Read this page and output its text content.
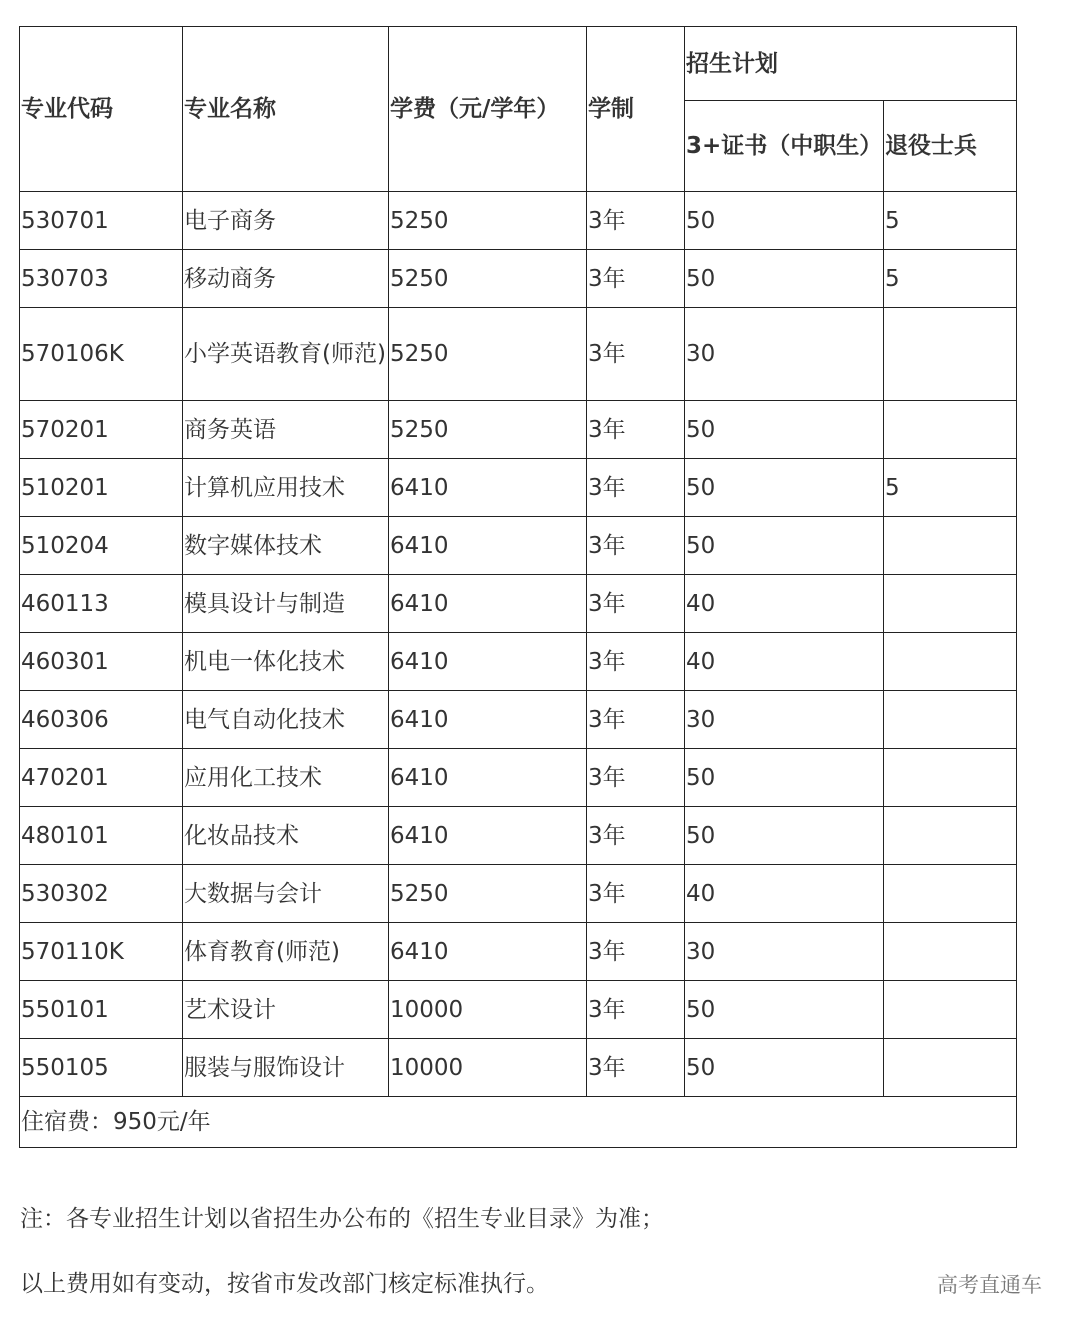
专业代码	专业名称	学费（元/学年）	学制	招生计划	
				3+证书（中职生）	退役士兵
530701	电子商务	5250	3年	50	5
530703	移动商务	5250	3年	50	5
570106K	小学英语教育(师范)	5250	3年	30	
570201	商务英语	5250	3年	50	
510201	计算机应用技术	6410	3年	50	5
510204	数字媒体技术	6410	3年	50	
460113	模具设计与制造	6410	3年	40	
460301	机电一体化技术	6410	3年	40	
460306	电气自动化技术	6410	3年	30	
470201	应用化工技术	6410	3年	50	
480101	化妆品技术	6410	3年	50	
530302	大数据与会计	5250	3年	40	
570110K	体育教育(师范)	6410	3年	30	
550101	艺术设计	10000	3年	50	
550105	服装与服饰设计	10000	3年	50	
住宿费：950元/年					
注：各专业招生计划以省招生办公布的《招生专业目录》为准；
以上费用如有变动，按省市发改部门核定标准执行。	高考直通车
